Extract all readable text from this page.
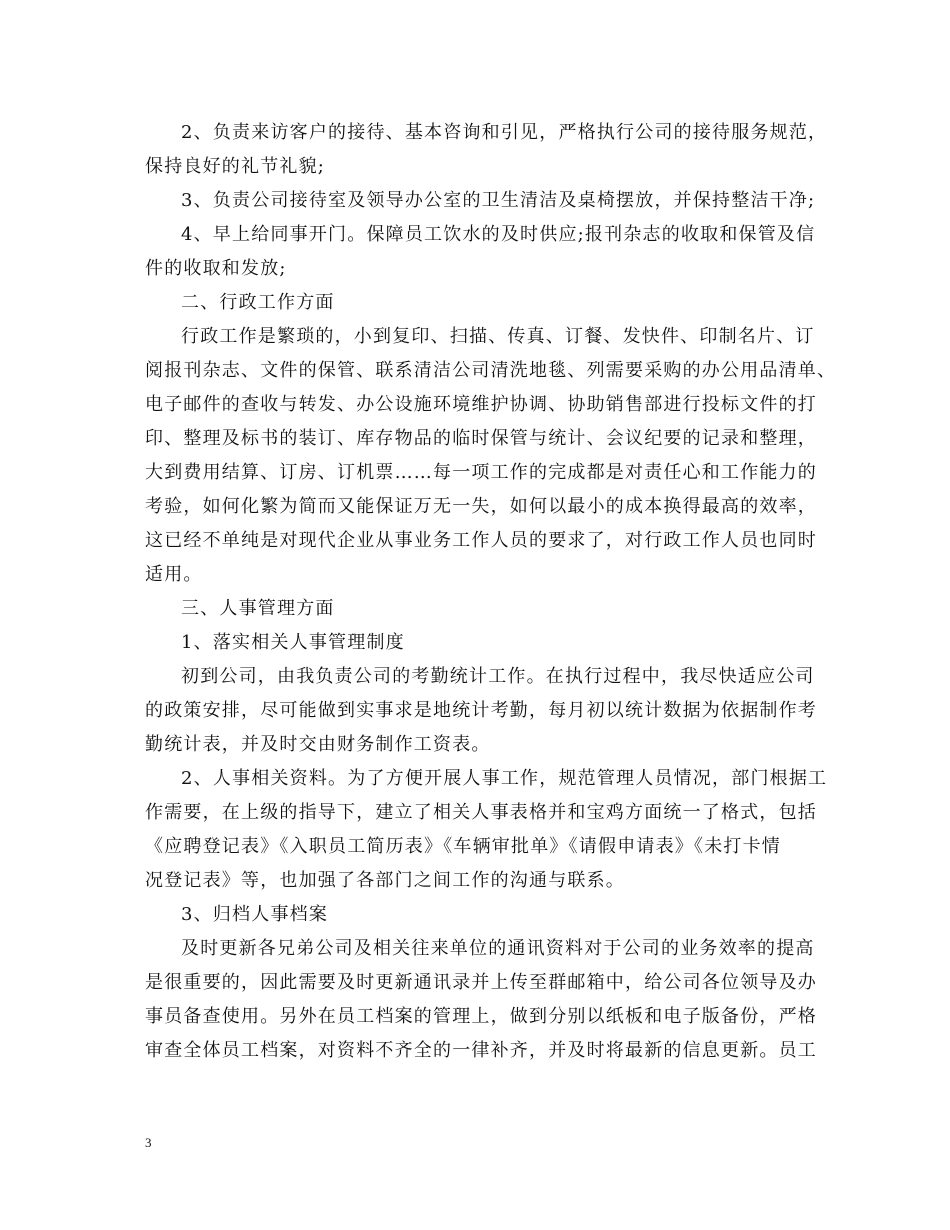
2、负责来访客户的接待、基本咨询和引见，严格执行公司的接待服务规范，
保持良好的礼节礼貌;
3、负责公司接待室及领导办公室的卫生清洁及桌椅摆放，并保持整洁干净;
4、早上给同事开门。保障员工饮水的及时供应;报刊杂志的收取和保管及信
件的收取和发放;
二、行政工作方面
行政工作是繁琐的，小到复印、扫描、传真、订餐、发快件、印制名片、订
阅报刊杂志、文件的保管、联系清洁公司清洗地毯、列需要采购的办公用品清单、
电子邮件的查收与转发、办公设施环境维护协调、协助销售部进行投标文件的打
印、整理及标书的装订、库存物品的临时保管与统计、会议纪要的记录和整理，
大到费用结算、订房、订机票……每一项工作的完成都是对责任心和工作能力的
考验，如何化繁为简而又能保证万无一失，如何以最小的成本换得最高的效率，
这已经不单纯是对现代企业从事业务工作人员的要求了，对行政工作人员也同时
适用。
三、人事管理方面
1、落实相关人事管理制度
初到公司，由我负责公司的考勤统计工作。在执行过程中，我尽快适应公司
的政策安排，尽可能做到实事求是地统计考勤，每月初以统计数据为依据制作考
勤统计表，并及时交由财务制作工资表。
2、人事相关资料。为了方便开展人事工作，规范管理人员情况，部门根据工
作需要，在上级的指导下，建立了相关人事表格并和宝鸡方面统一了格式，包括
《应聘登记表》《入职员工简历表》《车辆审批单》《请假申请表》《未打卡情
况登记表》等，也加强了各部门之间工作的沟通与联系。
3、归档人事档案
及时更新各兄弟公司及相关往来单位的通讯资料对于公司的业务效率的提高
是很重要的，因此需要及时更新通讯录并上传至群邮箱中，给公司各位领导及办
事员备查使用。另外在员工档案的管理上，做到分别以纸板和电子版备份，严格
审查全体员工档案，对资料不齐全的一律补齐，并及时将最新的信息更新。员工
3
